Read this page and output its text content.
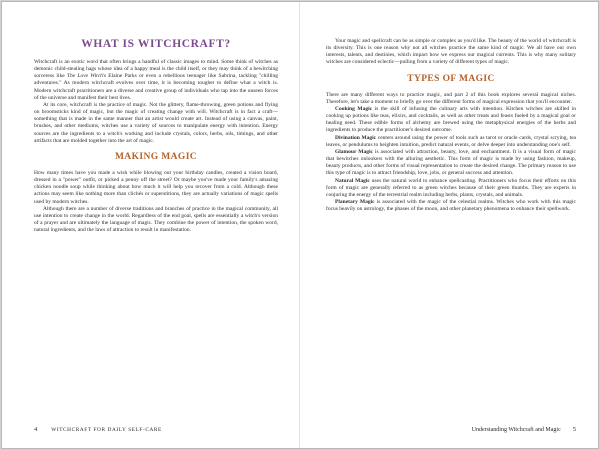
WHAT IS WITCHCRAFT?

Witchcraft is an exotic word that often brings a handful of classic images to mind. Some think of witches as demonic child-stealing hags whose idea of a happy meal is the child itself, or they may think of a bewitching sorceress like The Love Witch's Elaine Parks or even a rebellious teenager like Sabrina, tackling "chilling adventures." As modern witchcraft evolves over time, it is becoming tougher to define what a witch is. Modern witchcraft practitioners are a diverse and creative group of individuals who tap into the unseen forces of the universe and manifest their best lives.

At its core, witchcraft is the practice of magic. Not the glittery, flame-throwing, green potions and flying on broomsticks kind of magic, but the magic of creating change with will. Witchcraft is in fact a craft—something that is made in the same manner that an artist would create art. Instead of using a canvas, paint, brushes, and other mediums, witches use a variety of sources to manipulate energy with intention. Energy sources are the ingredients to a witch's working and include crystals, colors, herbs, oils, timings, and other artifacts that are molded together into the art of magic.

MAKING MAGIC

How many times have you made a wish while blowing out your birthday candles, created a vision board, dressed in a "power" outfit, or picked a penny off the street? Or maybe you've made your family's amazing chicken noodle soup while thinking about how much it will help you recover from a cold. Although these actions may seem like nothing more than clichés or superstitions, they are actually variations of magic spells used by modern witches.

Although there are a number of diverse traditions and branches of practice in the magical community, all use intention to create change in the world. Regardless of the end goal, spells are essentially a witch's version of a prayer and are ultimately the language of magic. They combine the power of intention, the spoken word, natural ingredients, and the laws of attraction to result in manifestation.

4	WITCHCRAFT FOR DAILY SELF-CARE

Your magic and spellcraft can be as simple or complex as you'd like. The beauty of the world of witchcraft is its diversity. This is one reason why not all witches practice the same kind of magic. We all have our own interests, talents, and destinies, which impact how we express our magical currents. This is why many solitary witches are considered eclectic—pulling from a variety of different types of magic.

TYPES OF MAGIC

There are many different ways to practice magic, and part 2 of this book explores several magical niches. Therefore, let's take a moment to briefly go over the different forms of magical expression that you'll encounter.

Cooking Magic is the skill of infusing the culinary arts with intention. Kitchen witches are skilled in cooking up potions like teas, elixirs, and cocktails, as well as other treats and feasts fueled by a magical goal or healing need. These edible forms of alchemy are brewed using the metaphysical energies of the herbs and ingredients to produce the practitioner's desired outcome.

Divination Magic centers around using the power of tools such as tarot or oracle cards, crystal scrying, tea leaves, or pendulums to heighten intuition, predict natural events, or delve deeper into understanding one's self.

Glamour Magic is associated with attraction, beauty, love, and enchantment. It is a visual form of magic that bewitches onlookers with the alluring aesthetic. This form of magic is made by using fashion, makeup, beauty products, and other forms of visual representation to create the desired change. The primary reason to use this type of magic is to attract friendship, love, jobs, or general success and attention.

Natural Magic uses the natural world to enhance spellcasting. Practitioners who focus their efforts on this form of magic are generally referred to as green witches because of their green thumbs. They are experts in conjuring the energy of the terrestrial realm including herbs, plants, crystals, and animals.

Planetary Magic is associated with the magic of the celestial realms. Witches who work with this magic focus heavily on astrology, the phases of the moon, and other planetary phenomena to enhance their spellwork.

Understanding Witchcraft and Magic 5
